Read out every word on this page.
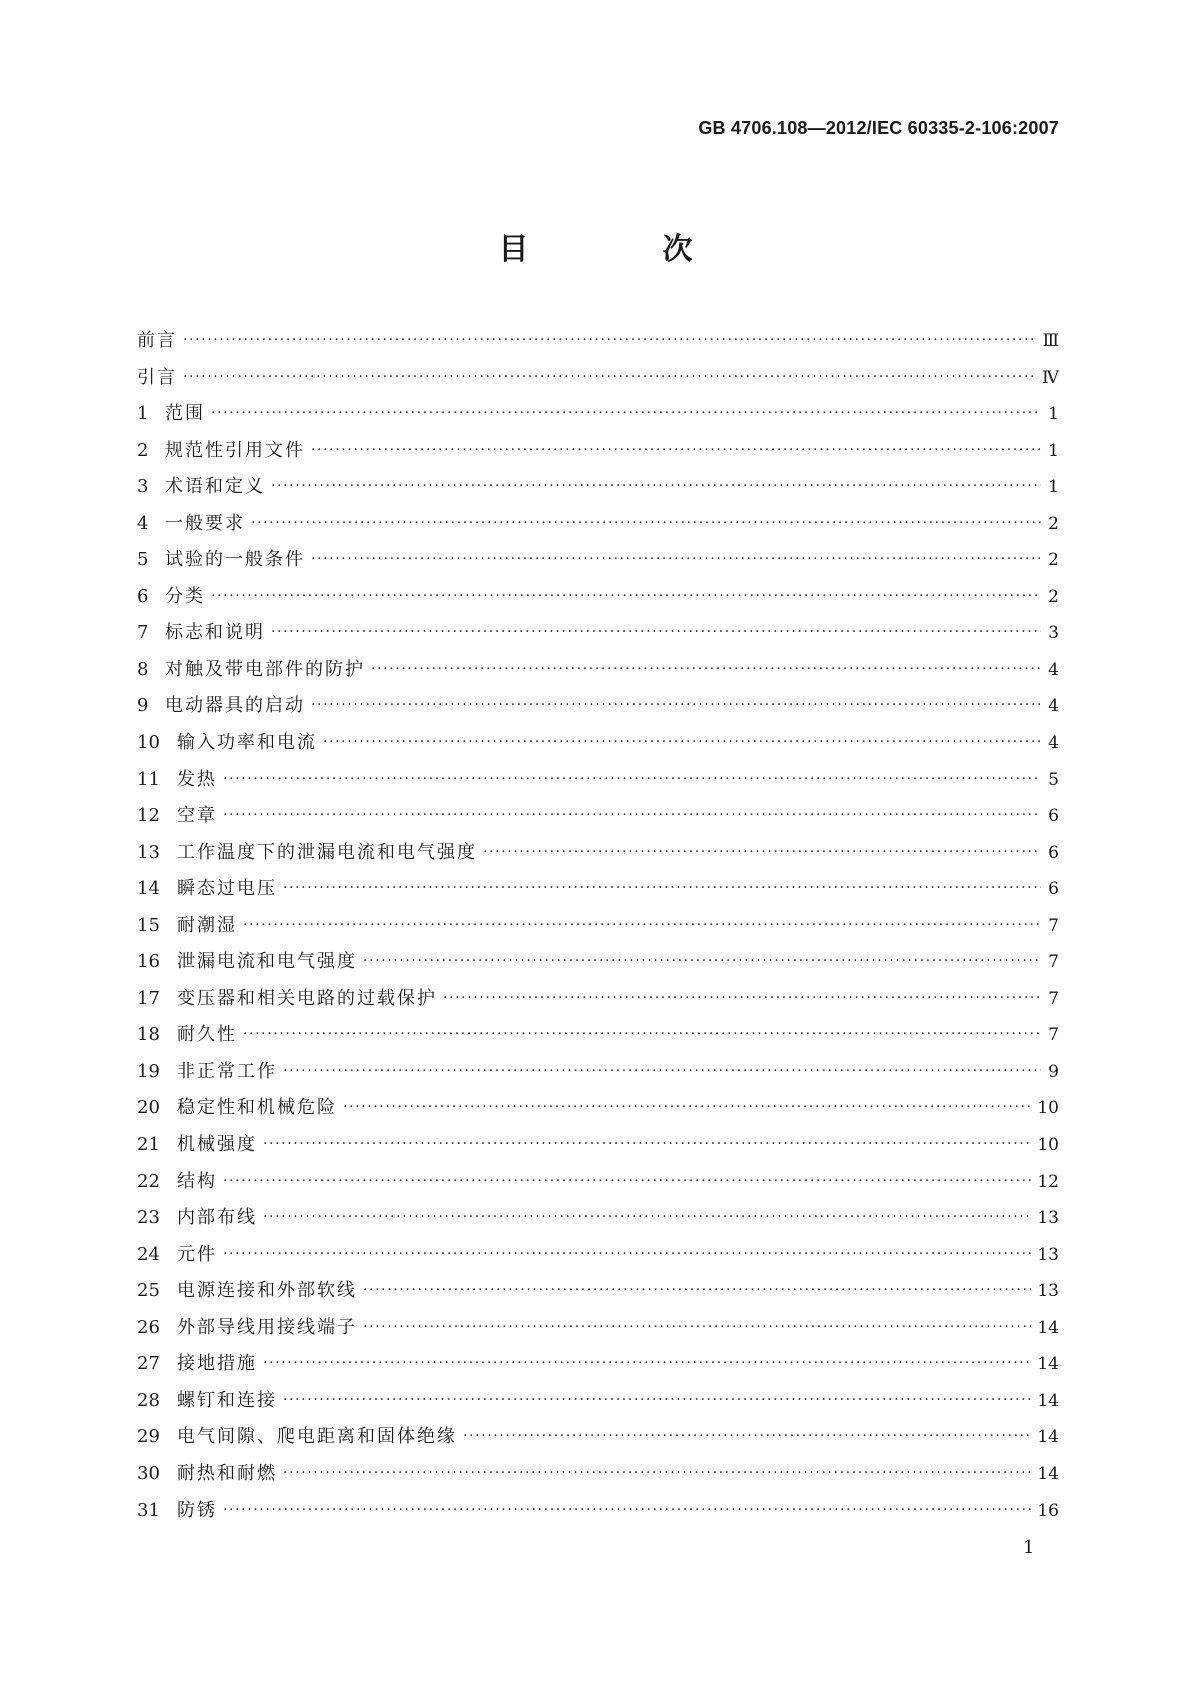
GB 4706.108—2012/IEC 60335-2-106:2007
目　次
前言 ·····	Ⅲ
引言 ·····	Ⅳ
1 范围 ·····	1
2 规范性引用文件 ·····	1
3 术语和定义 ·····	1
4 一般要求 ·····	2
5 试验的一般条件 ·····	2
6 分类 ·····	2
7 标志和说明 ·····	3
8 对触及带电部件的防护 ·····	4
9 电动器具的启动 ·····	4
10 输入功率和电流 ·····	4
11 发热 ·····	5
12 空章 ·····	6
13 工作温度下的泄漏电流和电气强度 ·····	6
14 瞬态过电压 ·····	6
15 耐潮湿 ·····	7
16 泄漏电流和电气强度 ·····	7
17 变压器和相关电路的过载保护 ·····	7
18 耐久性 ·····	7
19 非正常工作 ·····	9
20 稳定性和机械危险 ·····	10
21 机械强度 ·····	10
22 结构 ·····	12
23 内部布线 ·····	13
24 元件 ·····	13
25 电源连接和外部软线 ·····	13
26 外部导线用接线端子 ·····	14
27 接地措施 ·····	14
28 螺钉和连接 ·····	14
29 电气间隙、爬电距离和固体绝缘 ·····	14
30 耐热和耐燃 ·····	14
31 防锈 ·····	16
1
